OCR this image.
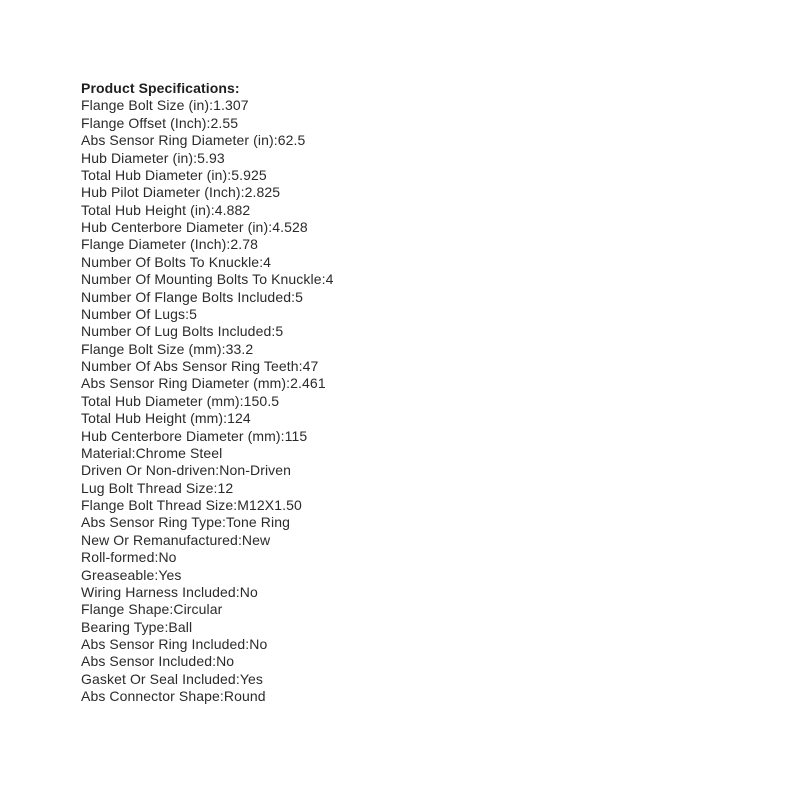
Product Specifications:
Flange Bolt Size (in):1.307
Flange Offset (Inch):2.55
Abs Sensor Ring Diameter (in):62.5
Hub Diameter (in):5.93
Total Hub Diameter (in):5.925
Hub Pilot Diameter (Inch):2.825
Total Hub Height (in):4.882
Hub Centerbore Diameter (in):4.528
Flange Diameter (Inch):2.78
Number Of Bolts To Knuckle:4
Number Of Mounting Bolts To Knuckle:4
Number Of Flange Bolts Included:5
Number Of Lugs:5
Number Of Lug Bolts Included:5
Flange Bolt Size (mm):33.2
Number Of Abs Sensor Ring Teeth:47
Abs Sensor Ring Diameter (mm):2.461
Total Hub Diameter (mm):150.5
Total Hub Height (mm):124
Hub Centerbore Diameter (mm):115
Material:Chrome Steel
Driven Or Non-driven:Non-Driven
Lug Bolt Thread Size:12
Flange Bolt Thread Size:M12X1.50
Abs Sensor Ring Type:Tone Ring
New Or Remanufactured:New
Roll-formed:No
Greaseable:Yes
Wiring Harness Included:No
Flange Shape:Circular
Bearing Type:Ball
Abs Sensor Ring Included:No
Abs Sensor Included:No
Gasket Or Seal Included:Yes
Abs Connector Shape:Round
